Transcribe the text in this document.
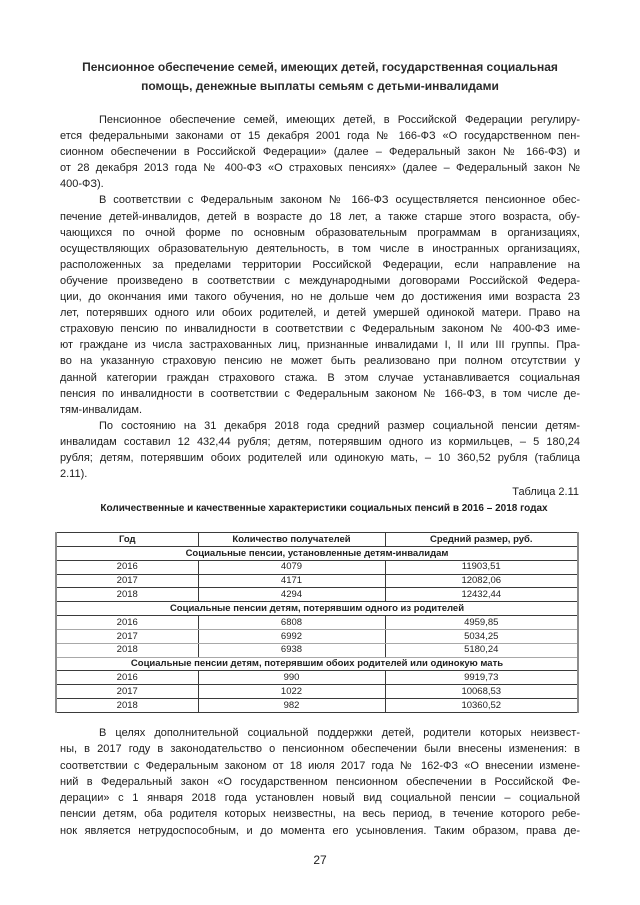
Пенсионное обеспечение семей, имеющих детей, государственная социальная
помощь, денежные выплаты семьям с детьми-инвалидами
Пенсионное обеспечение семей, имеющих детей, в Российской Федерации регулиру-
ется федеральными законами от 15 декабря 2001 года № 166-ФЗ «О государственном пен-
сионном обеспечении в Российской Федерации» (далее – Федеральный закон № 166-ФЗ) и
от 28 декабря 2013 года № 400-ФЗ «О страховых пенсиях» (далее – Федеральный закон №
400-ФЗ).
В соответствии с Федеральным законом № 166-ФЗ осуществляется пенсионное обес-
печение детей-инвалидов, детей в возрасте до 18 лет, а также старше этого возраста, обу-
чающихся по очной форме по основным образовательным программам в организациях,
осуществляющих образовательную деятельность, в том числе в иностранных организациях,
расположенных за пределами территории Российской Федерации, если направление на
обучение произведено в соответствии с международными договорами Российской Федера-
ции, до окончания ими такого обучения, но не дольше чем до достижения ими возраста 23
лет, потерявших одного или обоих родителей, и детей умершей одинокой матери. Право на
страховую пенсию по инвалидности в соответствии с Федеральным законом № 400-ФЗ име-
ют граждане из числа застрахованных лиц, признанные инвалидами I, II или III группы. Пра-
во на указанную страховую пенсию не может быть реализовано при полном отсутствии у
данной категории граждан страхового стажа. В этом случае устанавливается социальная
пенсия по инвалидности в соответствии с Федеральным законом № 166-ФЗ, в том числе де-
тям-инвалидам.
По состоянию на 31 декабря 2018 года средний размер социальной пенсии детям-
инвалидам составил 12 432,44 рубля; детям, потерявшим одного из кормильцев, – 5 180,24
рубля; детям, потерявшим обоих родителей или одинокую мать, – 10 360,52 рубля (таблица
2.11).
Таблица 2.11
Количественные и качественные характеристики социальных пенсий в 2016 – 2018 годах
Год	Количество получателей	Средний размер, руб.
Социальные пенсии, установленные детям-инвалидам		
2016	4079	11903,51
2017	4171	12082,06
2018	4294	12432,44
Социальные пенсии детям, потерявшим одного из родителей		
2016	6808	4959,85
2017	6992	5034,25
2018	6938	5180,24
Социальные пенсии детям, потерявшим обоих родителей или одинокую мать		
2016	990	9919,73
2017	1022	10068,53
2018	982	10360,52
В целях дополнительной социальной поддержки детей, родители которых неизвест-
ны, в 2017 году в законодательство о пенсионном обеспечении были внесены изменения: в
соответствии с Федеральным законом от 18 июля 2017 года № 162-ФЗ «О внесении измене-
ний в Федеральный закон «О государственном пенсионном обеспечении в Российской Фе-
дерации» с 1 января 2018 года установлен новый вид социальной пенсии – социальной
пенсии детям, оба родителя которых неизвестны, на весь период, в течение которого ребе-
нок является нетрудоспособным, и до момента его усыновления. Таким образом, права де-
27
